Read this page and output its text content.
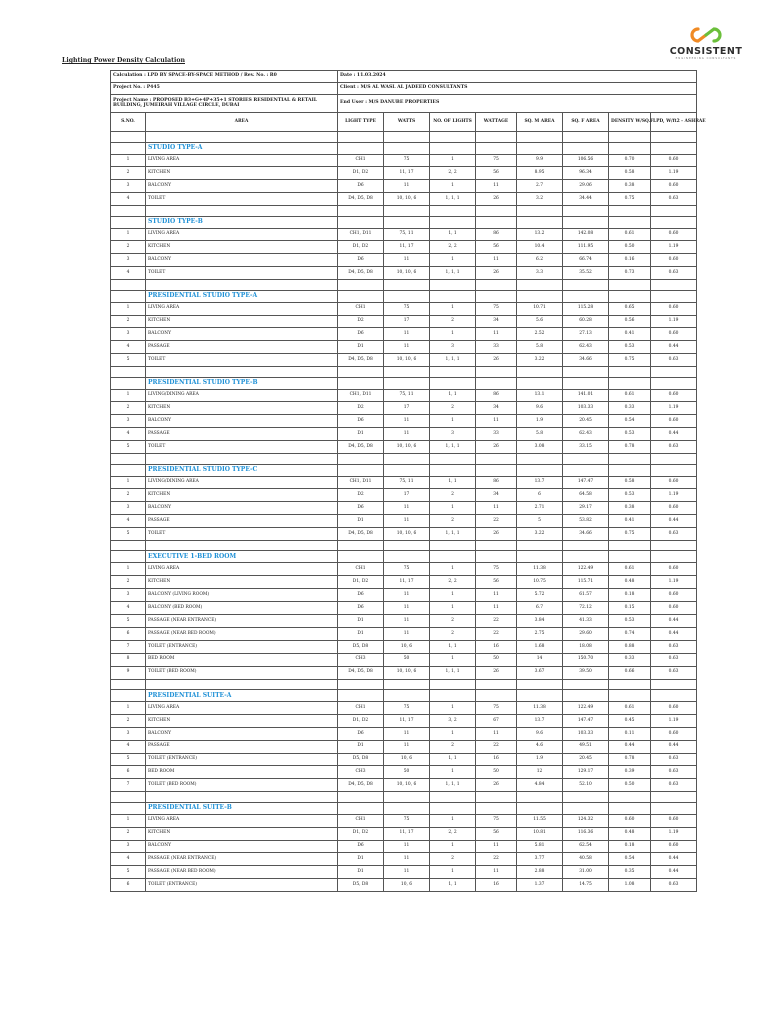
CONSISTENT
ENGINEERING CONSULTANTS
Lighting Power Density Calculation
Calculation : LPD BY SPACE-BY-SPACE METHOD / Rev. No. : R0		Date : 11.03.2024							
Project No. : P445		Client : M/S AL WASL AL JADEED CONSULTANTS							
Project Name : PROPOSED B3+G+4P+35+1 STORIES RESIDENTIAL & RETAIL BUILDING, JUMEIRAH VILLAGE CIRCLE, DUBAI		End User : M/S DANUBE PROPERTIES							
S.NO.	AREA	LIGHT TYPE	WATTS	NO. OF LIGHTS	WATTAGE	SQ. M AREA	SQ. F AREA	DENSITY W/SQ.F	LPD, W/ft2 - ASHRAE

	STUDIO TYPE-A								
1	LIVING AREA	CH1	75	1	75	9.9	106.56	0.70	0.60
2	KITCHEN	D1, D2	11, 17	2, 2	56	8.95	96.34	0.58	1.19
3	BALCONY	D6	11	1	11	2.7	29.06	0.38	0.60
4	TOILET	D4, D5, D8	10, 10, 6	1, 1, 1	26	3.2	34.44	0.75	0.63

	STUDIO TYPE-B								
1	LIVING AREA	CH1, D11	75, 11	1, 1	86	13.2	142.08	0.61	0.60
2	KITCHEN	D1, D2	11, 17	2, 2	56	10.4	111.95	0.50	1.19
3	BALCONY	D6	11	1	11	6.2	66.74	0.16	0.60
4	TOILET	D4, D5, D8	10, 10, 6	1, 1, 1	26	3.3	35.52	0.73	0.63

	PRESIDENTIAL STUDIO TYPE-A								
1	LIVING AREA	CH1	75	1	75	10.71	115.28	0.65	0.60
2	KITCHEN	D2	17	2	34	5.6	60.28	0.56	1.19
3	BALCONY	D6	11	1	11	2.52	27.13	0.41	0.60
4	PASSAGE	D1	11	3	33	5.8	62.43	0.53	0.44
5	TOILET	D4, D5, D8	10, 10, 6	1, 1, 1	26	3.22	34.66	0.75	0.63

	PRESIDENTIAL STUDIO TYPE-B								
1	LIVING/DINING AREA	CH1, D11	75, 11	1, 1	86	13.1	141.01	0.61	0.60
2	KITCHEN	D2	17	2	34	9.6	103.33	0.33	1.19
3	BALCONY	D6	11	1	11	1.9	20.45	0.54	0.60
4	PASSAGE	D1	11	3	33	5.8	62.43	0.53	0.44
5	TOILET	D4, D5, D8	10, 10, 6	1, 1, 1	26	3.08	33.15	0.78	0.63

	PRESIDENTIAL STUDIO TYPE-C								
1	LIVING/DINING AREA	CH1, D11	75, 11	1, 1	86	13.7	147.47	0.58	0.60
2	KITCHEN	D2	17	2	34	6	64.58	0.53	1.19
3	BALCONY	D6	11	1	11	2.71	29.17	0.38	0.60
4	PASSAGE	D1	11	2	22	5	53.82	0.41	0.44
5	TOILET	D4, D5, D8	10, 10, 6	1, 1, 1	26	3.22	34.66	0.75	0.63

	EXECUTIVE 1-BED ROOM								
1	LIVING AREA	CH1	75	1	75	11.38	122.49	0.61	0.60
2	KITCHEN	D1, D2	11, 17	2, 2	56	10.75	115.71	0.48	1.19
3	BALCONY (LIVING ROOM)	D6	11	1	11	5.72	61.57	0.18	0.60
4	BALCONY (BED ROOM)	D6	11	1	11	6.7	72.12	0.15	0.60
5	PASSAGE (NEAR ENTRANCE)	D1	11	2	22	3.84	41.33	0.53	0.44
6	PASSAGE (NEAR BED ROOM)	D1	11	2	22	2.75	29.60	0.74	0.44
7	TOILET (ENTRANCE)	D5, D8	10, 6	1, 1	16	1.68	18.08	0.88	0.63
8	BED ROOM	CH3	50	1	50	14	150.70	0.33	0.63
9	TOILET (BED ROOM)	D4, D5, D8	10, 10, 6	1, 1, 1	26	3.67	39.50	0.66	0.63

	PRESIDENTIAL SUITE-A								
1	LIVING AREA	CH1	75	1	75	11.38	122.49	0.61	0.60
2	KITCHEN	D1, D2	11, 17	3, 2	67	13.7	147.47	0.45	1.19
3	BALCONY	D6	11	1	11	9.6	103.33	0.11	0.60
4	PASSAGE	D1	11	2	22	4.6	49.51	0.44	0.44
5	TOILET (ENTRANCE)	D5, D8	10, 6	1, 1	16	1.9	20.45	0.78	0.63
6	BED ROOM	CH3	50	1	50	12	129.17	0.39	0.63
7	TOILET (BED ROOM)	D4, D5, D8	10, 10, 6	1, 1, 1	26	4.84	52.10	0.50	0.63

	PRESIDENTIAL SUITE-B								
1	LIVING AREA	CH1	75	1	75	11.55	124.32	0.60	0.60
2	KITCHEN	D1, D2	11, 17	2, 2	56	10.81	116.36	0.48	1.19
3	BALCONY	D6	11	1	11	5.81	62.54	0.18	0.60
4	PASSAGE (NEAR ENTRANCE)	D1	11	2	22	3.77	40.58	0.54	0.44
5	PASSAGE (NEAR BED ROOM)	D1	11	1	11	2.88	31.00	0.35	0.44
6	TOILET (ENTRANCE)	D5, D8	10, 6	1, 1	16	1.37	14.75	1.08	0.63
